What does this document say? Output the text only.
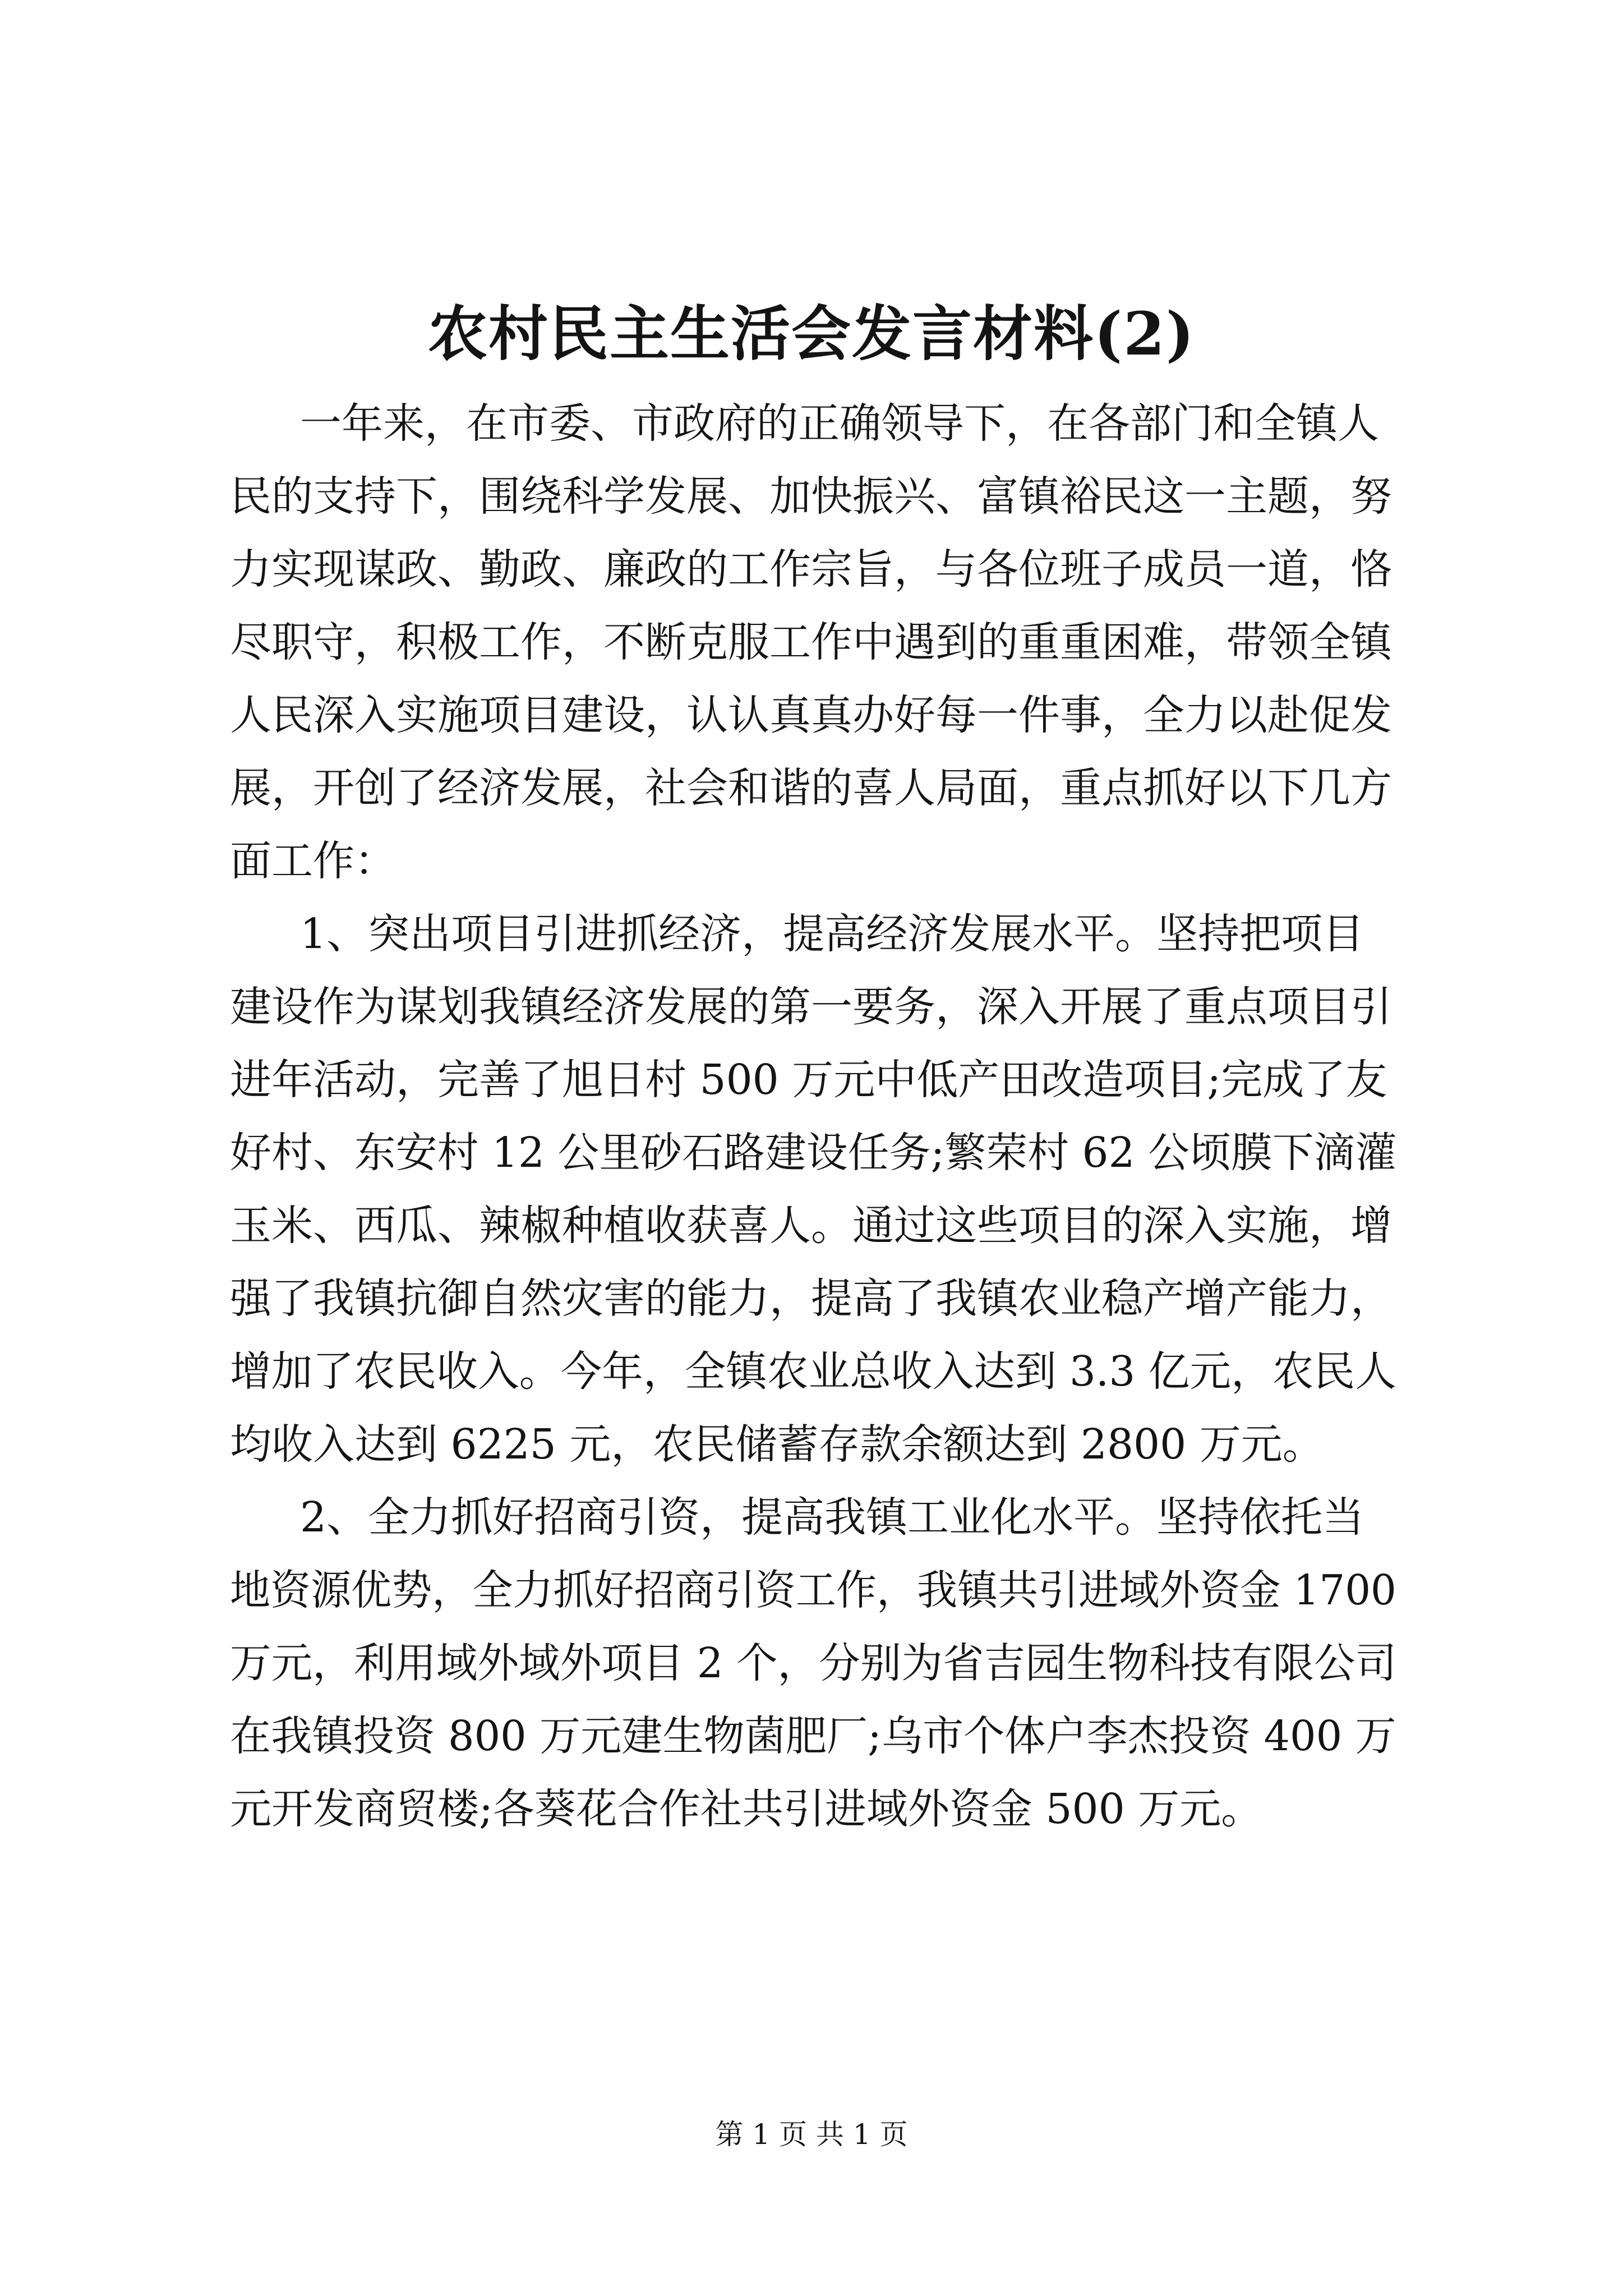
农村民主生活会发言材料(2)
一年来，在市委、市政府的正确领导下，在各部门和全镇人
民的支持下，围绕科学发展、加快振兴、富镇裕民这一主题，努
力实现谋政、勤政、廉政的工作宗旨，与各位班子成员一道，恪
尽职守，积极工作，不断克服工作中遇到的重重困难，带领全镇
人民深入实施项目建设，认认真真办好每一件事，全力以赴促发
展，开创了经济发展，社会和谐的喜人局面，重点抓好以下几方
面工作：
1、突出项目引进抓经济，提高经济发展水平。坚持把项目
建设作为谋划我镇经济发展的第一要务，深入开展了重点项目引
进年活动，完善了旭日村 500 万元中低产田改造项目;完成了友
好村、东安村 12 公里砂石路建设任务;繁荣村 62 公顷膜下滴灌
玉米、西瓜、辣椒种植收获喜人。通过这些项目的深入实施，增
强了我镇抗御自然灾害的能力，提高了我镇农业稳产增产能力，
增加了农民收入。今年，全镇农业总收入达到 3.3 亿元，农民人
均收入达到 6225 元，农民储蓄存款余额达到 2800 万元。
2、全力抓好招商引资，提高我镇工业化水平。坚持依托当
地资源优势，全力抓好招商引资工作，我镇共引进域外资金 1700
万元，利用域外域外项目 2 个，分别为省吉园生物科技有限公司
在我镇投资 800 万元建生物菌肥厂;乌市个体户李杰投资 400 万
元开发商贸楼;各葵花合作社共引进域外资金 500 万元。
第 1 页 共 1 页
